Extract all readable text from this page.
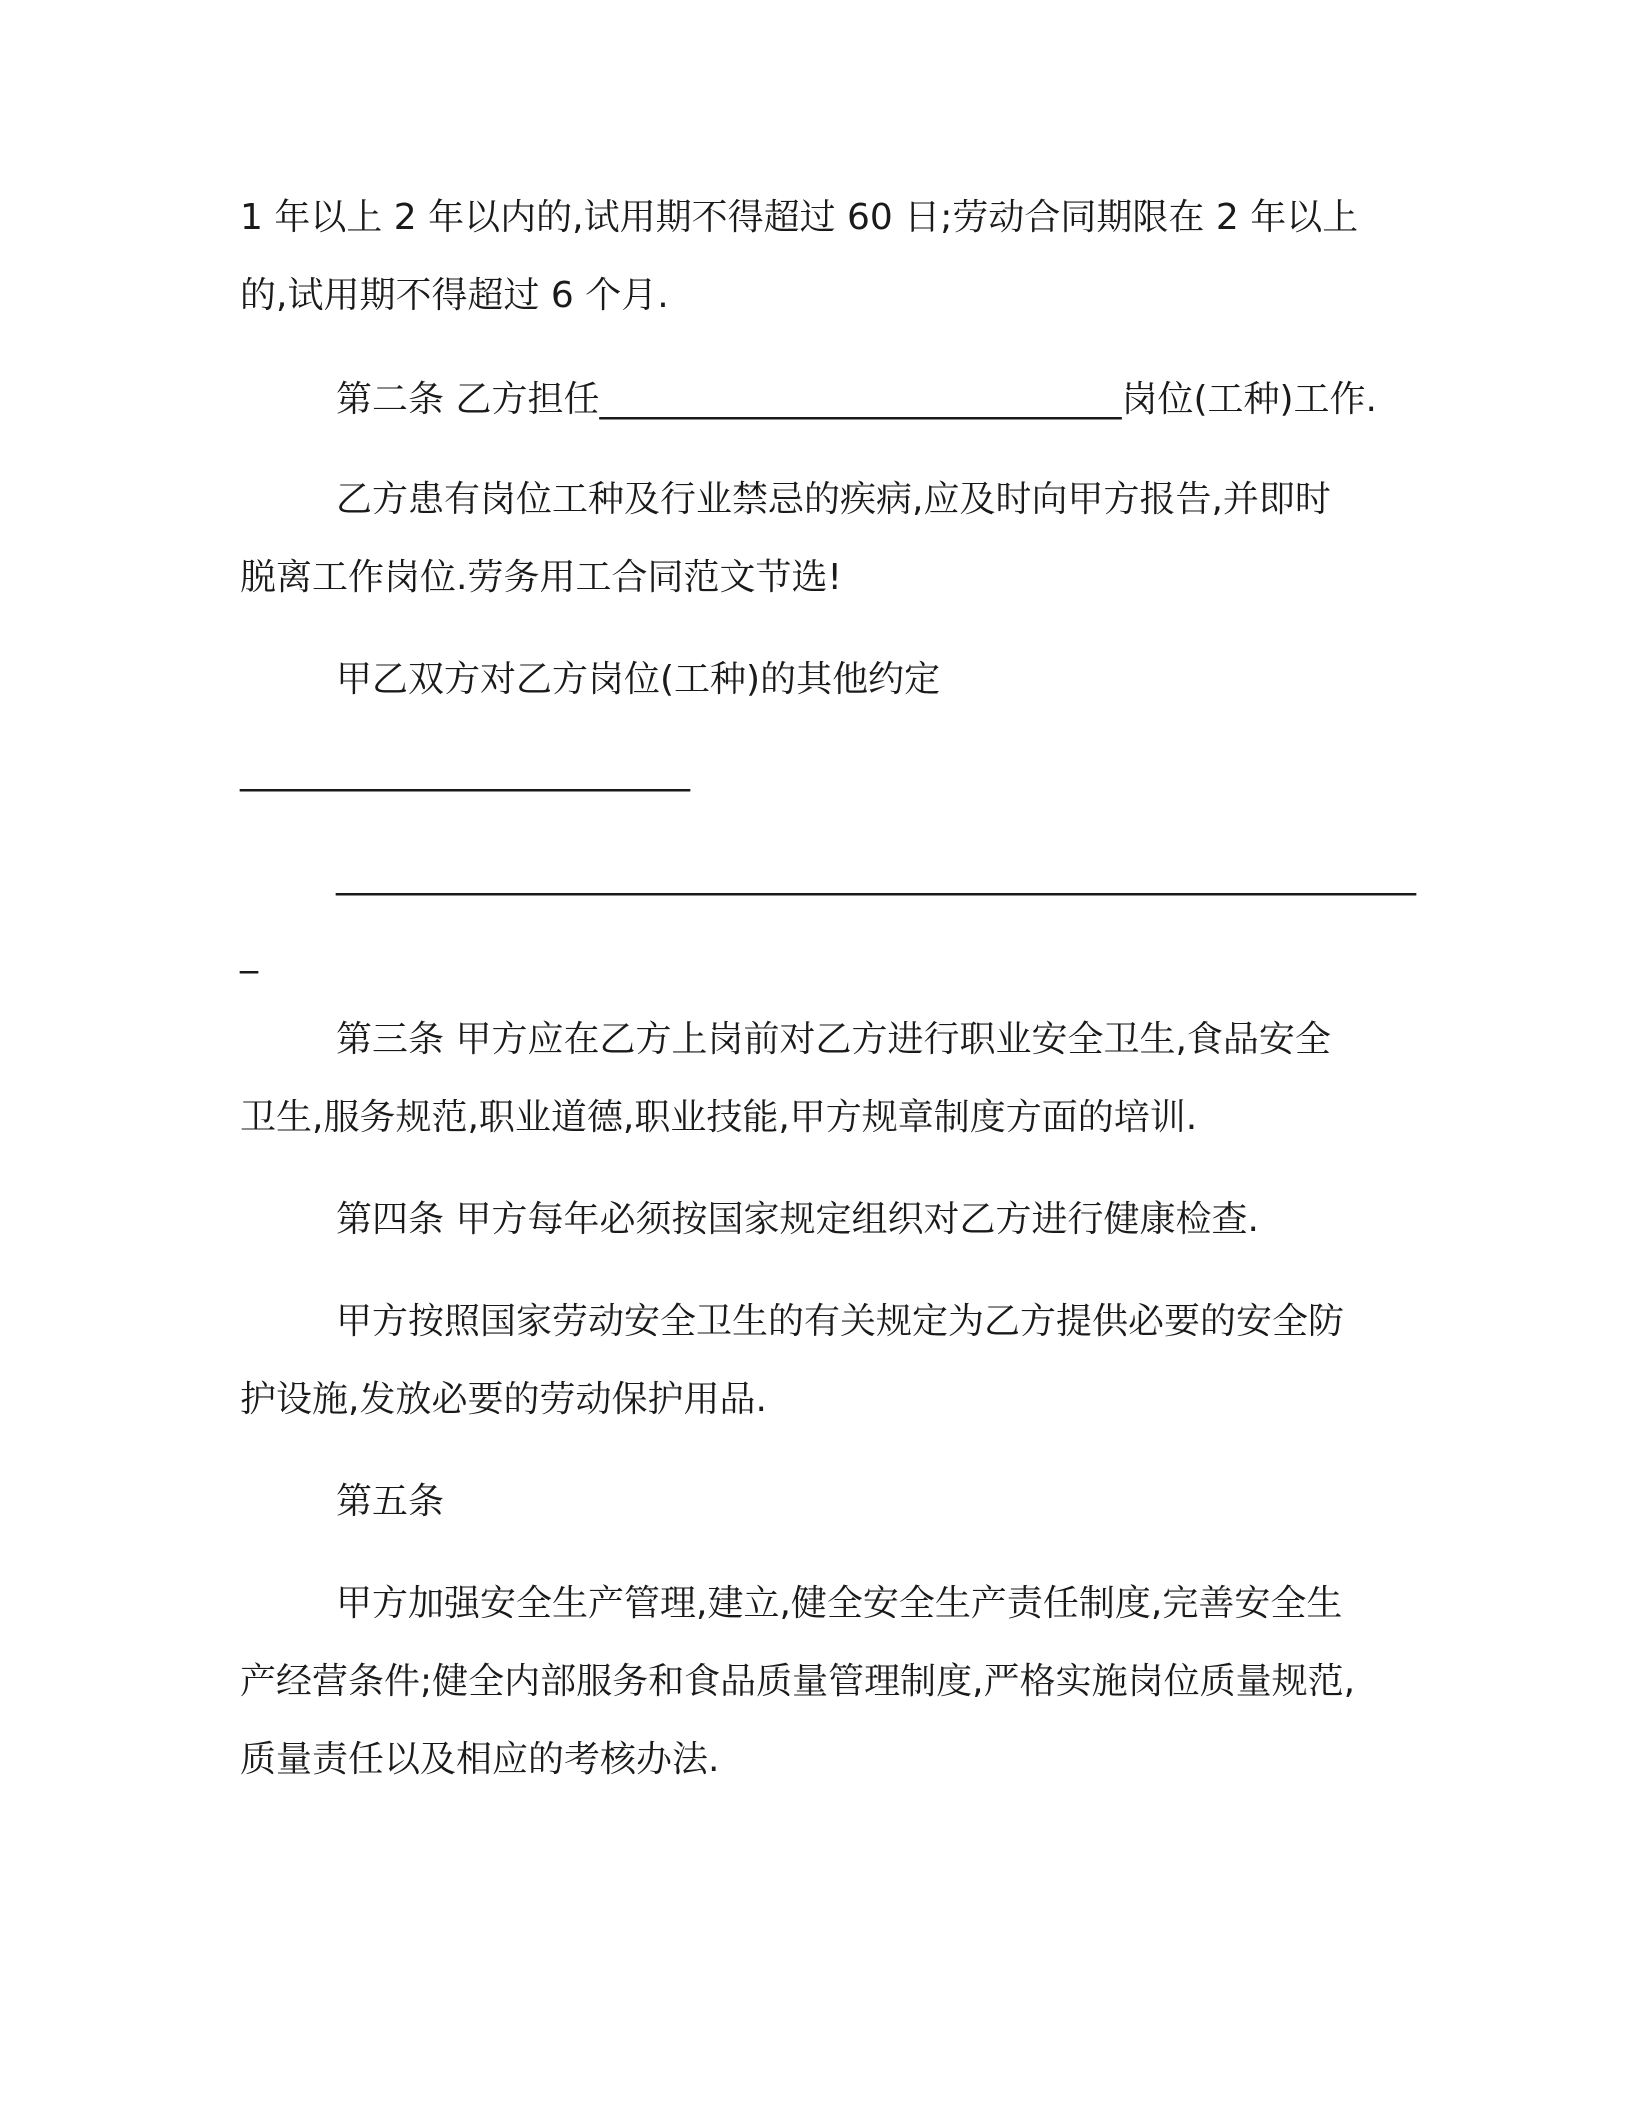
1 年以上 2 年以内的,试用期不得超过 60 日;劳动合同期限在 2 年以上
的,试用期不得超过 6 个月.
第二条 乙方担任_____________________________岗位(工种)工作.
乙方患有岗位工种及行业禁忌的疾病,应及时向甲方报告,并即时
脱离工作岗位.劳务用工合同范文节选!
甲乙双方对乙方岗位(工种)的其他约定
_________________________
____________________________________________________________
_
第三条 甲方应在乙方上岗前对乙方进行职业安全卫生,食品安全
卫生,服务规范,职业道德,职业技能,甲方规章制度方面的培训.
第四条 甲方每年必须按国家规定组织对乙方进行健康检查.
甲方按照国家劳动安全卫生的有关规定为乙方提供必要的安全防
护设施,发放必要的劳动保护用品.
第五条
甲方加强安全生产管理,建立,健全安全生产责任制度,完善安全生
产经营条件;健全内部服务和食品质量管理制度,严格实施岗位质量规范,
质量责任以及相应的考核办法.
